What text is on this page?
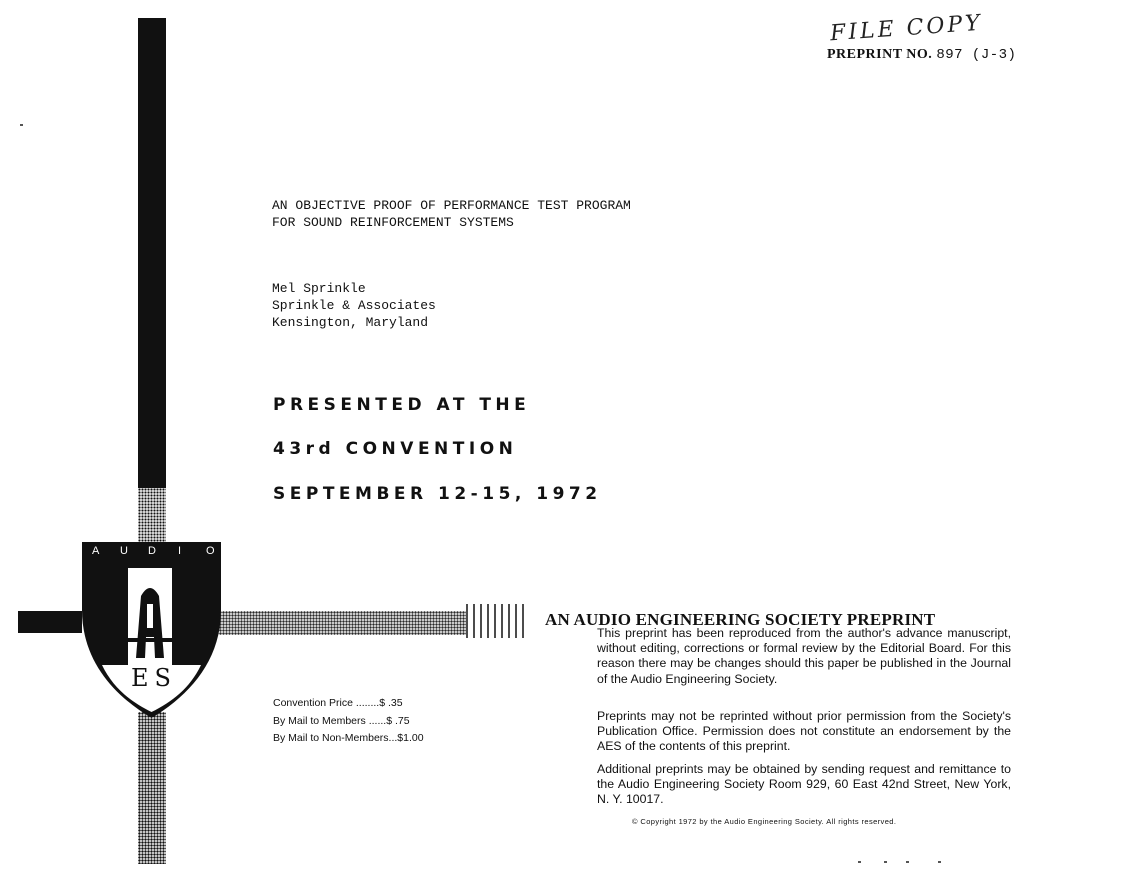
A U D I O
ES
FILE COPY
PREPRINT NO. 897 (J-3)
AN OBJECTIVE PROOF OF PERFORMANCE TEST PROGRAM
FOR SOUND REINFORCEMENT SYSTEMS
Mel Sprinkle
Sprinkle & Associates
Kensington, Maryland
PRESENTED AT THE
43rd CONVENTION
SEPTEMBER 12-15, 1972
Convention Price ........$ .35
By Mail to Members ......$ .75
By Mail to Non-Members...$1.00
AN AUDIO ENGINEERING SOCIETY PREPRINT
This preprint has been reproduced from the author's advance manuscript, without editing, corrections or formal review by the Editorial Board. For this reason there may be changes should this paper be published in the Journal of the Audio Engineering Society.
Preprints may not be reprinted without prior permission from the Society's Publication Office. Permission does not constitute an endorsement by the AES of the contents of this preprint.
Additional preprints may be obtained by sending request and remittance to the Audio Engineering Society Room 929, 60 East 42nd Street, New York, N. Y. 10017.
© Copyright 1972 by the Audio Engineering Society. All rights reserved.
